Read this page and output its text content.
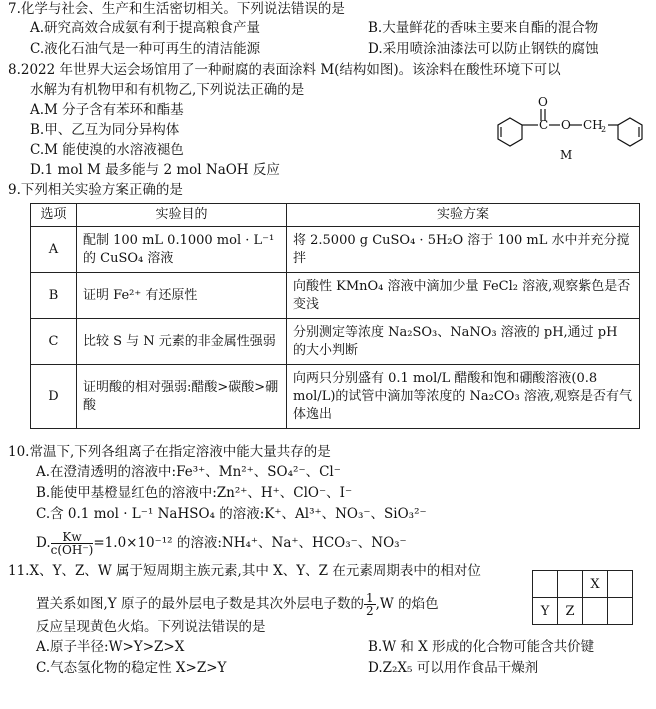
7.化学与社会、生产和生活密切相关。下列说法错误的是
A.研究高效合成氨有利于提高粮食产量	B.大量鲜花的香味主要来自酯的混合物
C.液化石油气是一种可再生的清洁能源	D.采用喷涂油漆法可以防止钢铁的腐蚀
8.2022 年世界大运会场馆用了一种耐腐的表面涂料 M(结构如图)。该涂料在酸性环境下可以
水解为有机物甲和有机物乙,下列说法正确的是
A.M 分子含有苯环和酯基
B.甲、乙互为同分异构体
C.M 能使溴的水溶液褪色
D.1 mol M 最多能与 2 mol NaOH 反应
O
C O CH
2
M
9.下列相关实验方案正确的是
选项	实验目的	实验方案
A	配制 100 mL 0.1000 mol · L⁻¹ 的 CuSO₄ 溶液	将 2.5000 g CuSO₄ · 5H₂O 溶于 100 mL 水中并充分搅拌
B	证明 Fe²⁺ 有还原性	向酸性 KMnO₄ 溶液中滴加少量 FeCl₂ 溶液,观察紫色是否变浅
C	比较 S 与 N 元素的非金属性强弱	分别测定等浓度 Na₂SO₃、NaNO₃ 溶液的 pH,通过 pH 的大小判断
D	证明酸的相对强弱:醋酸>碳酸>硼酸	向两只分别盛有 0.1 mol/L 醋酸和饱和硼酸溶液(0.8 mol/L)的试管中滴加等浓度的 Na₂CO₃ 溶液,观察是否有气体逸出
10.常温下,下列各组离子在指定溶液中能大量共存的是
A.在澄清透明的溶液中:Fe³⁺、Mn²⁺、SO₄²⁻、Cl⁻
B.能使甲基橙显红色的溶液中:Zn²⁺、H⁺、ClO⁻、I⁻
C.含 0.1 mol · L⁻¹ NaHSO₄ 的溶液:K⁺、Al³⁺、NO₃⁻、SiO₃²⁻
D. $\frac{Kw}{c(OH^-)} =1.0\times 10^{-12}$ 的溶液:NH₄⁺、Na⁺、HCO₃⁻、NO₃⁻
11.X、Y、Z、W 属于短周期主族元素,其中 X、Y、Z 在元素周期表中的相对位
置关系如图,Y 原子的最外层电子数是其次外层电子数的 $\frac{1}{2} ,W$ 的焰色
反应呈现黄色火焰。下列说法错误的是
A.原子半径:W>Y>Z>X	B.W 和 X 形成的化合物可能含共价键
C.气态氢化物的稳定性 X>Z>Y	D.Z₂X₅ 可以用作食品干燥剂
		X	
Y	Z		
